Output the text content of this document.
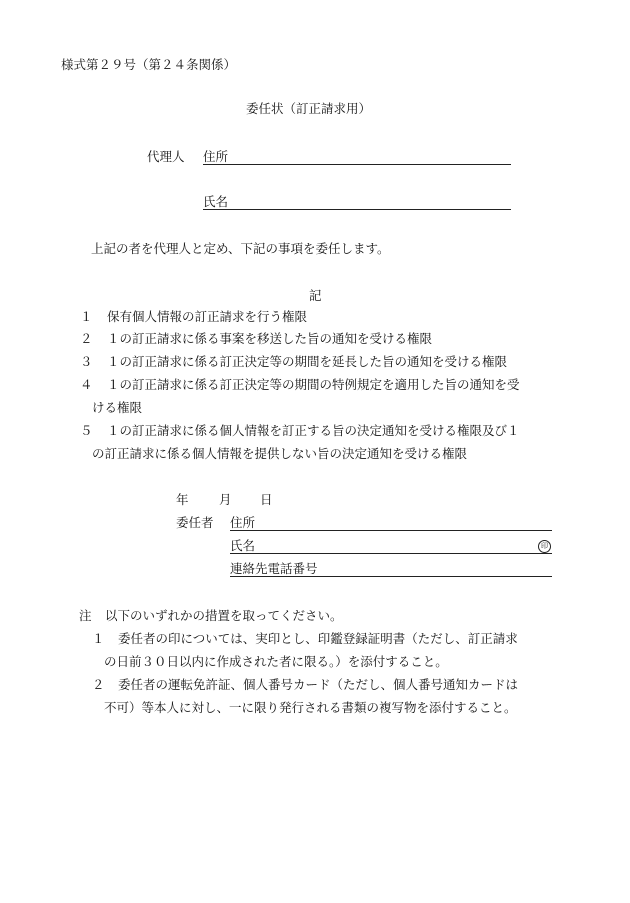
様式第２９号（第２４条関係）
委任状（訂正請求用）
代理人 住所
氏名
上記の者を代理人と定め、下記の事項を委任します。
記
１ 保有個人情報の訂正請求を行う権限
２ １の訂正請求に係る事案を移送した旨の通知を受ける権限
３ １の訂正請求に係る訂正決定等の期間を延長した旨の通知を受ける権限
４ １の訂正請求に係る訂正決定等の期間の特例規定を適用した旨の通知を受
ける権限
５ １の訂正請求に係る個人情報を訂正する旨の決定通知を受ける権限及び１
の訂正請求に係る個人情報を提供しない旨の決定通知を受ける権限
年 月 日
委任者 住所
氏名	印
連絡先電話番号
注 以下のいずれかの措置を取ってください。
１ 委任者の印については、実印とし、印鑑登録証明書（ただし、訂正請求
の日前３０日以内に作成された者に限る。）を添付すること。
２ 委任者の運転免許証、個人番号カード（ただし、個人番号通知カードは
不可）等本人に対し、一に限り発行される書類の複写物を添付すること。
